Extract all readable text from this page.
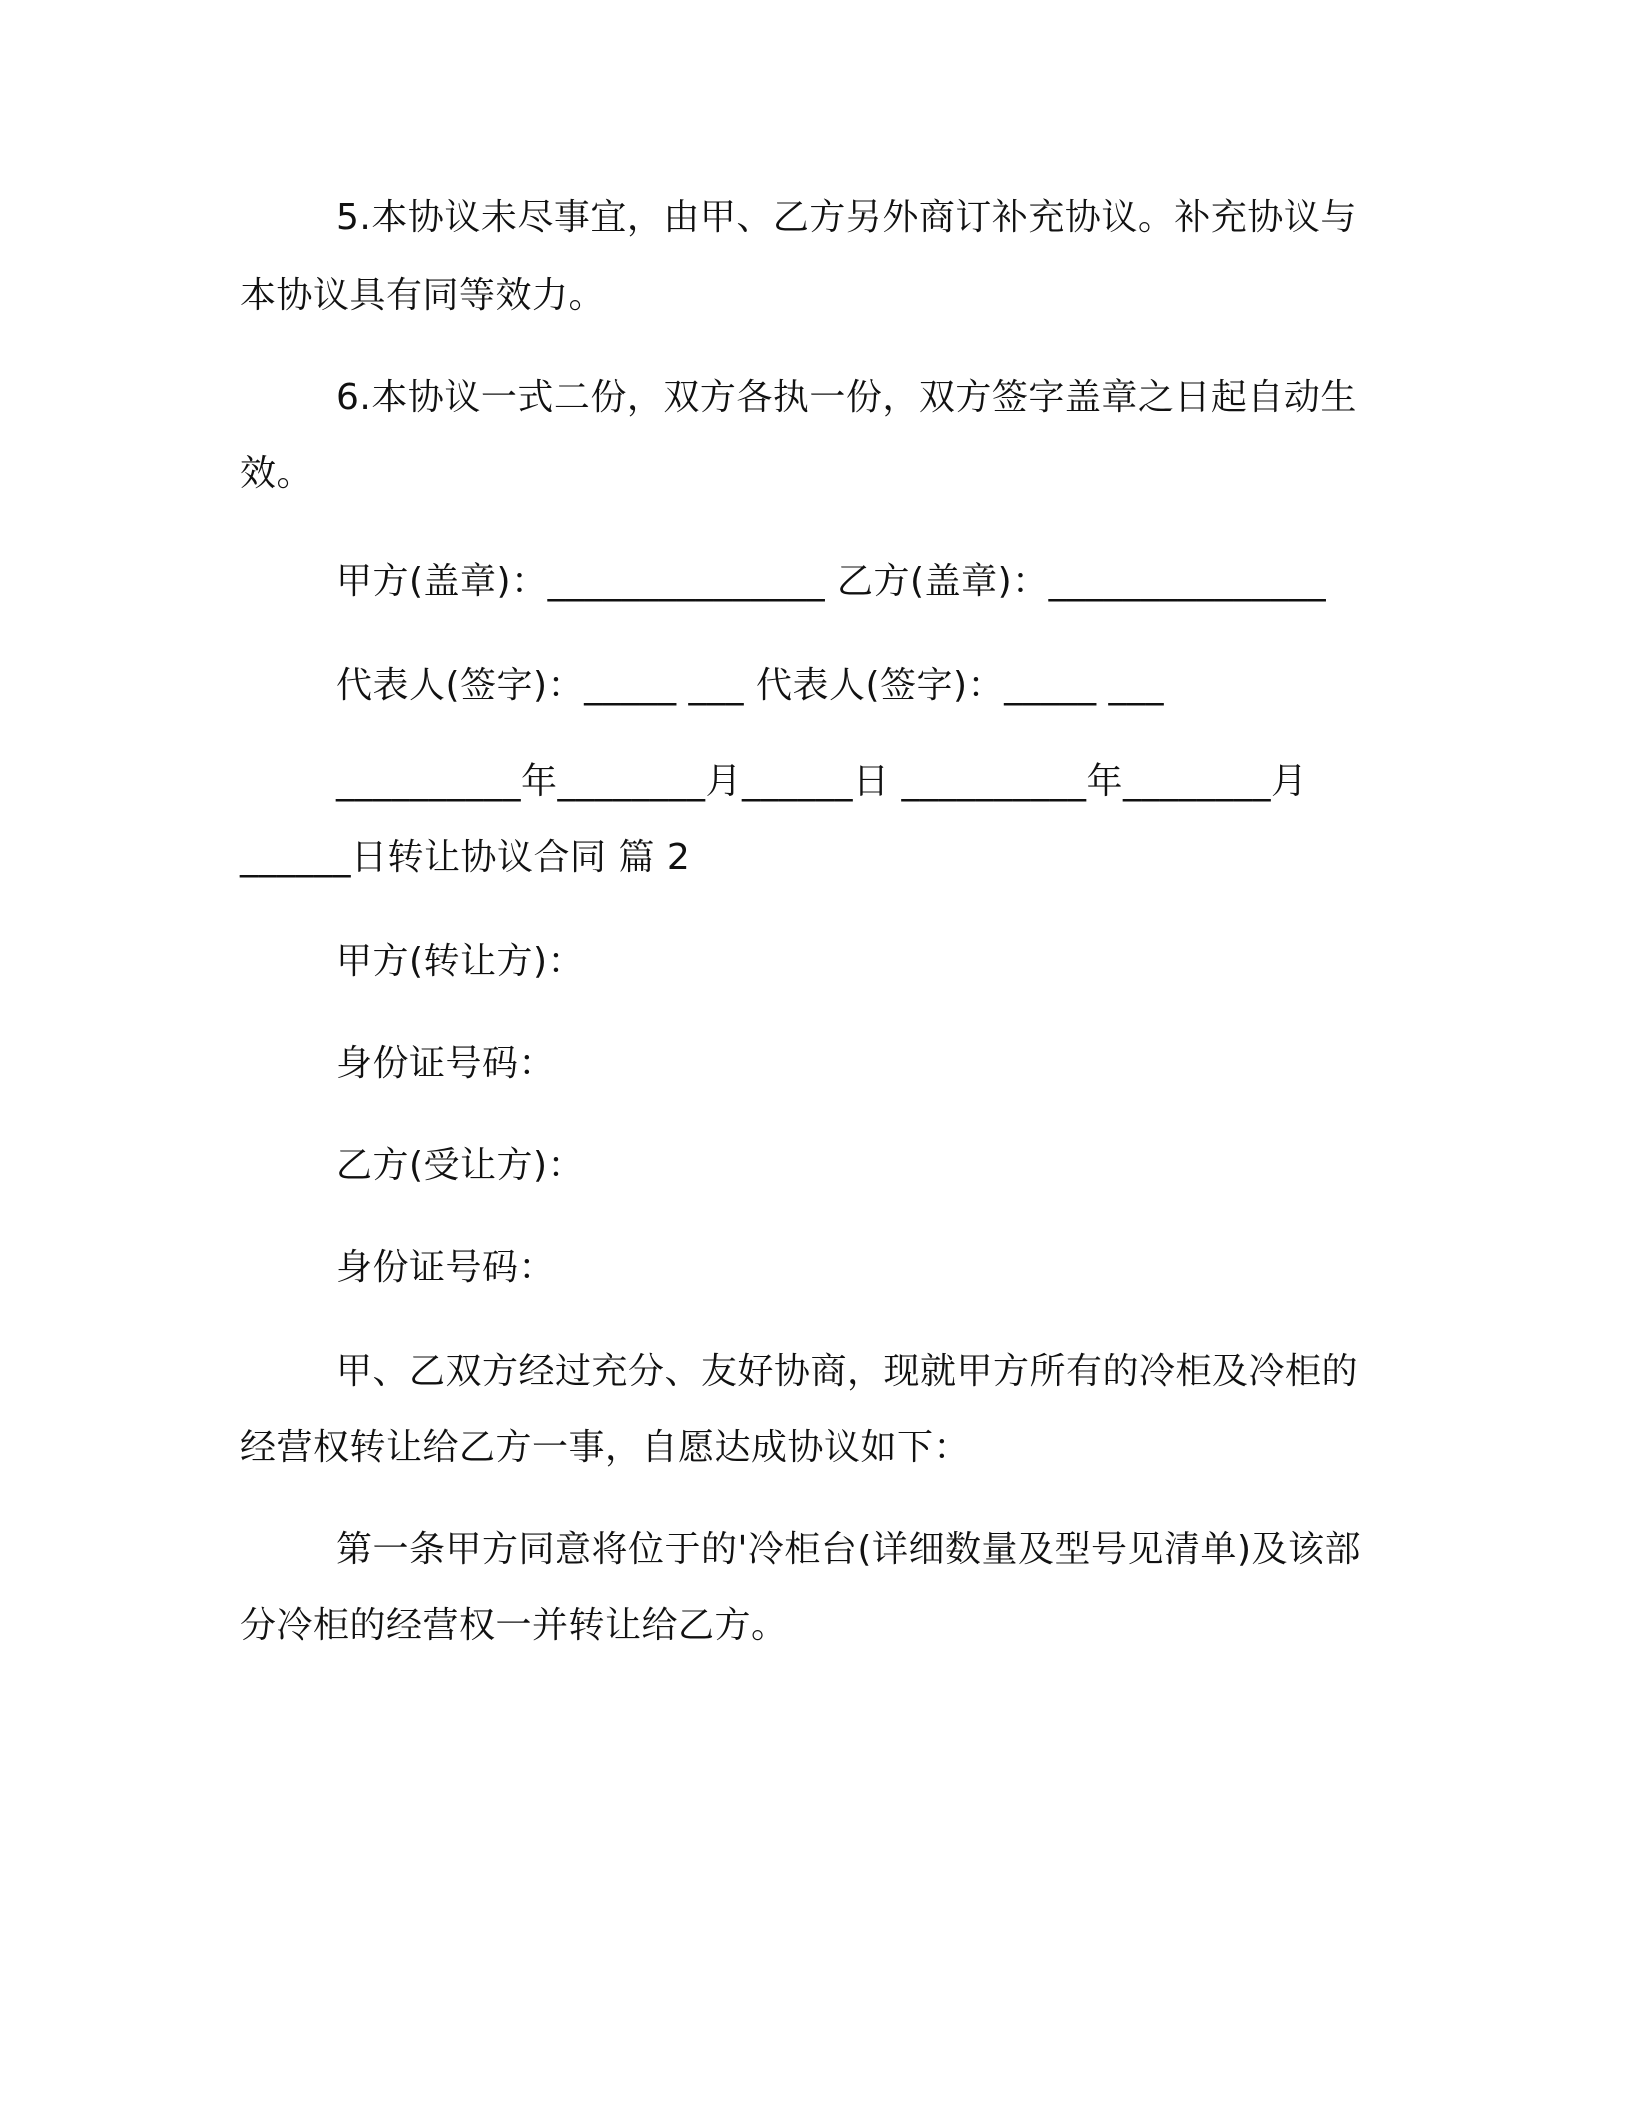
5.本协议未尽事宜，由甲、乙方另外商订补充协议。补充协议与
本协议具有同等效力。
6.本协议一式二份，双方各执一份，双方签字盖章之日起自动生
效。
甲方(盖章)：_______________ 乙方(盖章)：_______________
代表人(签字)：_____ ___ 代表人(签字)：_____ ___
__________年________月______日 __________年________月
______日转让协议合同 篇 2
甲方(转让方)：
身份证号码：
乙方(受让方)：
身份证号码：
甲、乙双方经过充分、友好协商，现就甲方所有的冷柜及冷柜的
经营权转让给乙方一事，自愿达成协议如下：
第一条甲方同意将位于的'冷柜台(详细数量及型号见清单)及该部
分冷柜的经营权一并转让给乙方。
